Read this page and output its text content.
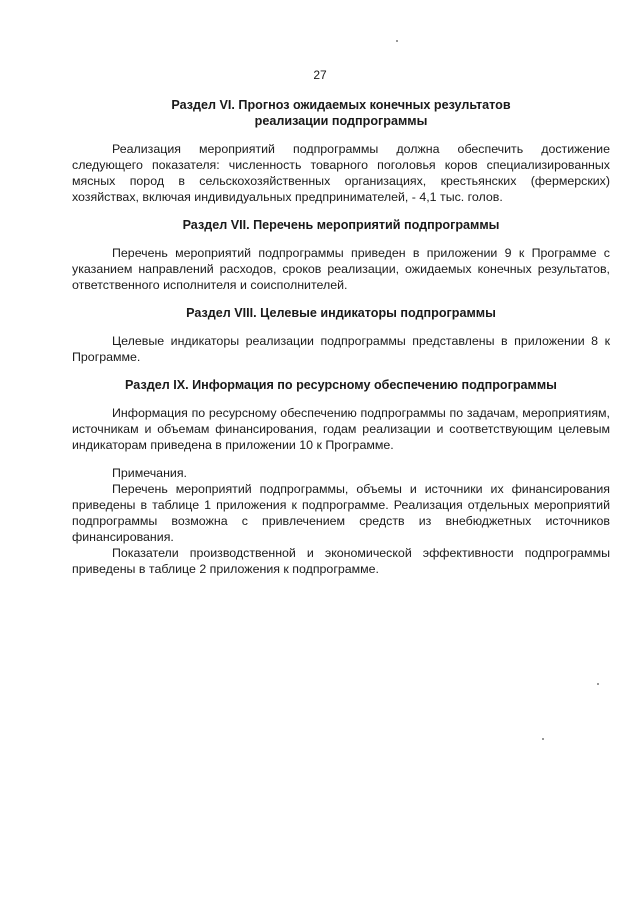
27

Раздел VI. Прогноз ожидаемых конечных результатов

реализации подпрограммы

Реализация мероприятий подпрограммы должна обеспечить достижение следующего показателя: численность товарного поголовья коров специализированных мясных пород в сельскохозяйственных организациях, крестьянских (фермерских) хозяйствах, включая индивидуальных предпринимателей, - 4,1 тыс. голов.

Раздел VII. Перечень мероприятий подпрограммы

Перечень мероприятий подпрограммы приведен в приложении 9 к Программе с указанием направлений расходов, сроков реализации, ожидаемых конечных результатов, ответственного исполнителя и соисполнителей.

Раздел VIII. Целевые индикаторы подпрограммы

Целевые индикаторы реализации подпрограммы представлены в приложении 8 к Программе.

Раздел IX. Информация по ресурсному обеспечению подпрограммы

Информация по ресурсному обеспечению подпрограммы по задачам, мероприятиям, источникам и объемам финансирования, годам реализации и соответствующим целевым индикаторам приведена в приложении 10 к Программе.

Примечания.

Перечень мероприятий подпрограммы, объемы и источники их финансирования приведены в таблице 1 приложения к подпрограмме. Реализация отдельных мероприятий подпрограммы возможна с привлечением средств из внебюджетных источников финансирования.

Показатели производственной и экономической эффективности подпрограммы приведены в таблице 2 приложения к подпрограмме.
